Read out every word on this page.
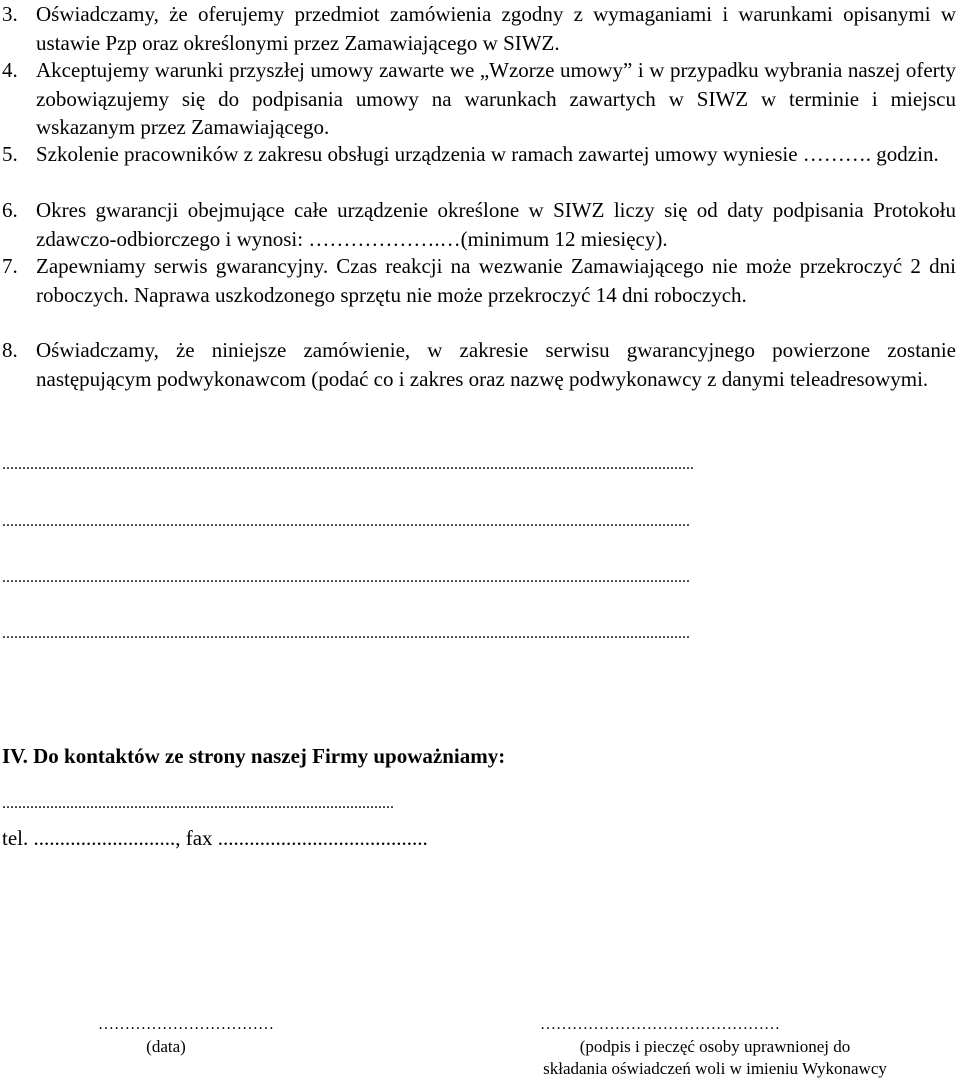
3. Oświadczamy, że oferujemy przedmiot zamówienia zgodny z wymaganiami i warunkami opisanymi w ustawie Pzp oraz określonymi przez Zamawiającego w SIWZ.

4. Akceptujemy warunki przyszłej umowy zawarte we „Wzorze umowy” i w przypadku wybrania naszej oferty zobowiązujemy się do podpisania umowy na warunkach zawartych w SIWZ w terminie i miejscu wskazanym przez Zamawiającego.

5. Szkolenie pracowników z zakresu obsługi urządzenia w ramach zawartej umowy wyniesie ………. godzin.

6. Okres gwarancji obejmujące całe urządzenie określone w SIWZ liczy się od daty podpisania Protokołu zdawczo-odbiorczego i wynosi: ……………….…(minimum 12 miesięcy).

7. Zapewniamy serwis gwarancyjny. Czas reakcji na wezwanie Zamawiającego nie może przekroczyć 2 dni roboczych. Naprawa uszkodzonego sprzętu nie może przekroczyć 14 dni roboczych.

8. Oświadczamy, że niniejsze zamówienie, w zakresie serwisu gwarancyjnego powierzone zostanie następującym podwykonawcom (podać co i zakres oraz nazwę podwykonawcy z danymi teleadresowymi.

.............................................................................................................................................................................
............................................................................................................................................................................
............................................................................................................................................................................
............................................................................................................................................................................
IV. Do kontaktów ze strony naszej Firmy upoważniamy:
..................................................................................................
tel. ..........................., fax ........................................
……………………………
(data)
………………………………………
(podpis i pieczęć osoby uprawnionej do
składania oświadczeń woli w imieniu Wykonawcy
